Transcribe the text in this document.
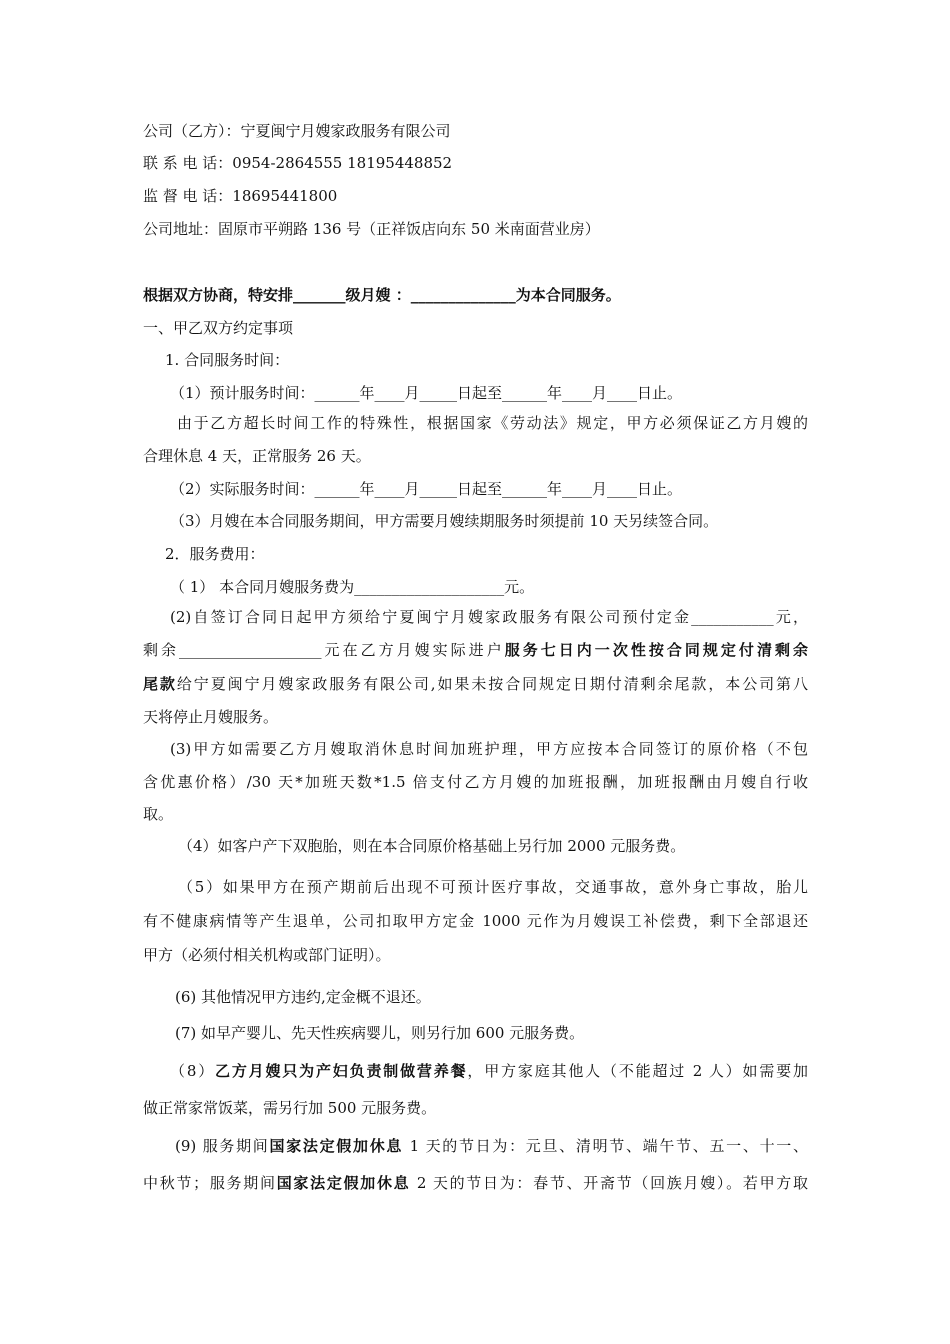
公司（乙方）：宁夏闽宁月嫂家政服务有限公司
联 系 电 话：0954-2864555 18195448852
监 督 电 话：18695441800
公司地址：固原市平朔路 136 号（正祥饭店向东 50 米南面营业房）
根据双方协商，特安排_______级月嫂 ：______________为本合同服务。
一、甲乙双方约定事项
1. 合同服务时间：
（1）预计服务时间：______年____月_____日起至______年____月____日止。
由于乙方超长时间工作的特殊性，根据国家《劳动法》规定，甲方必须保证乙方月嫂的
合理休息 4 天，正常服务 26 天。
（2）实际服务时间：______年____月_____日起至______年____月____日止。
（3）月嫂在本合同服务期间，甲方需要月嫂续期服务时须提前 10 天另续签合同。
2．服务费用：
（ 1） 本合同月嫂服务费为____________________元。
(2)自签订合同日起甲方须给宁夏闽宁月嫂家政服务有限公司预付定金___________元，
剩余___________________元在乙方月嫂实际进户服务七日内一次性按合同规定付清剩余
尾款给宁夏闽宁月嫂家政服务有限公司,如果未按合同规定日期付清剩余尾款，本公司第八
天将停止月嫂服务。
(3)甲方如需要乙方月嫂取消休息时间加班护理，甲方应按本合同签订的原价格（不包
含优惠价格）/30 天*加班天数*1.5 倍支付乙方月嫂的加班报酬，加班报酬由月嫂自行收
取。
（4）如客户产下双胞胎，则在本合同原价格基础上另行加 2000 元服务费。
（5）如果甲方在预产期前后出现不可预计医疗事故，交通事故，意外身亡事故，胎儿
有不健康病情等产生退单，公司扣取甲方定金 1000 元作为月嫂误工补偿费，剩下全部退还
甲方（必须付相关机构或部门证明）。
(6) 其他情况甲方违约,定金概不退还。
(7) 如早产婴儿、先天性疾病婴儿，则另行加 600 元服务费。
（8）乙方月嫂只为产妇负责制做营养餐，甲方家庭其他人（不能超过 2 人）如需要加
做正常家常饭菜，需另行加 500 元服务费。
(9) 服务期间国家法定假加休息 1 天的节日为：元旦、清明节、端午节、五一、十一、
中秋节；服务期间国家法定假加休息 2 天的节日为：春节、开斋节（回族月嫂）。若甲方取
